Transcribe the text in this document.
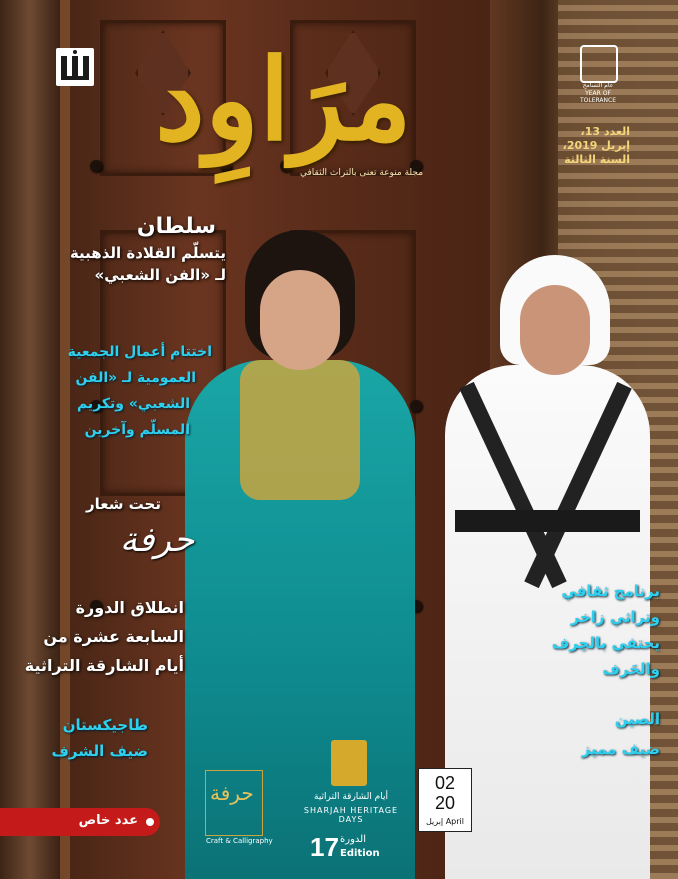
مرَاوِد
مجلة منوعة تعنى بالتراث الثقافي
عام التسامح
YEAR OF TOLERANCE
العدد 13،
إبريل 2019،
السنة الثالثة
سلطان
يتسلّم القلادة الذهبية
لـ «الفن الشعبي»
اختتام أعمال الجمعية
العمومية لـ «الفن
الشعبي» وتكريم
المسلّم وآخرين
تحت شعار
حرفة
انطلاق الدورة
السابعة عشرة من
أيام الشارقة التراثية
طاجيكستان
ضيف الشرف
برنامج ثقافي
وتراثي زاخر
يحتفي بالحِرف
والحَرف
الصين
ضيف مميز
حرفة
Craft & Calligraphy
أيام الشارقة التراثية
SHARJAH HERITAGE DAYS
17 الدورة
Edition
02
20
إبريل April
عدد خاص
